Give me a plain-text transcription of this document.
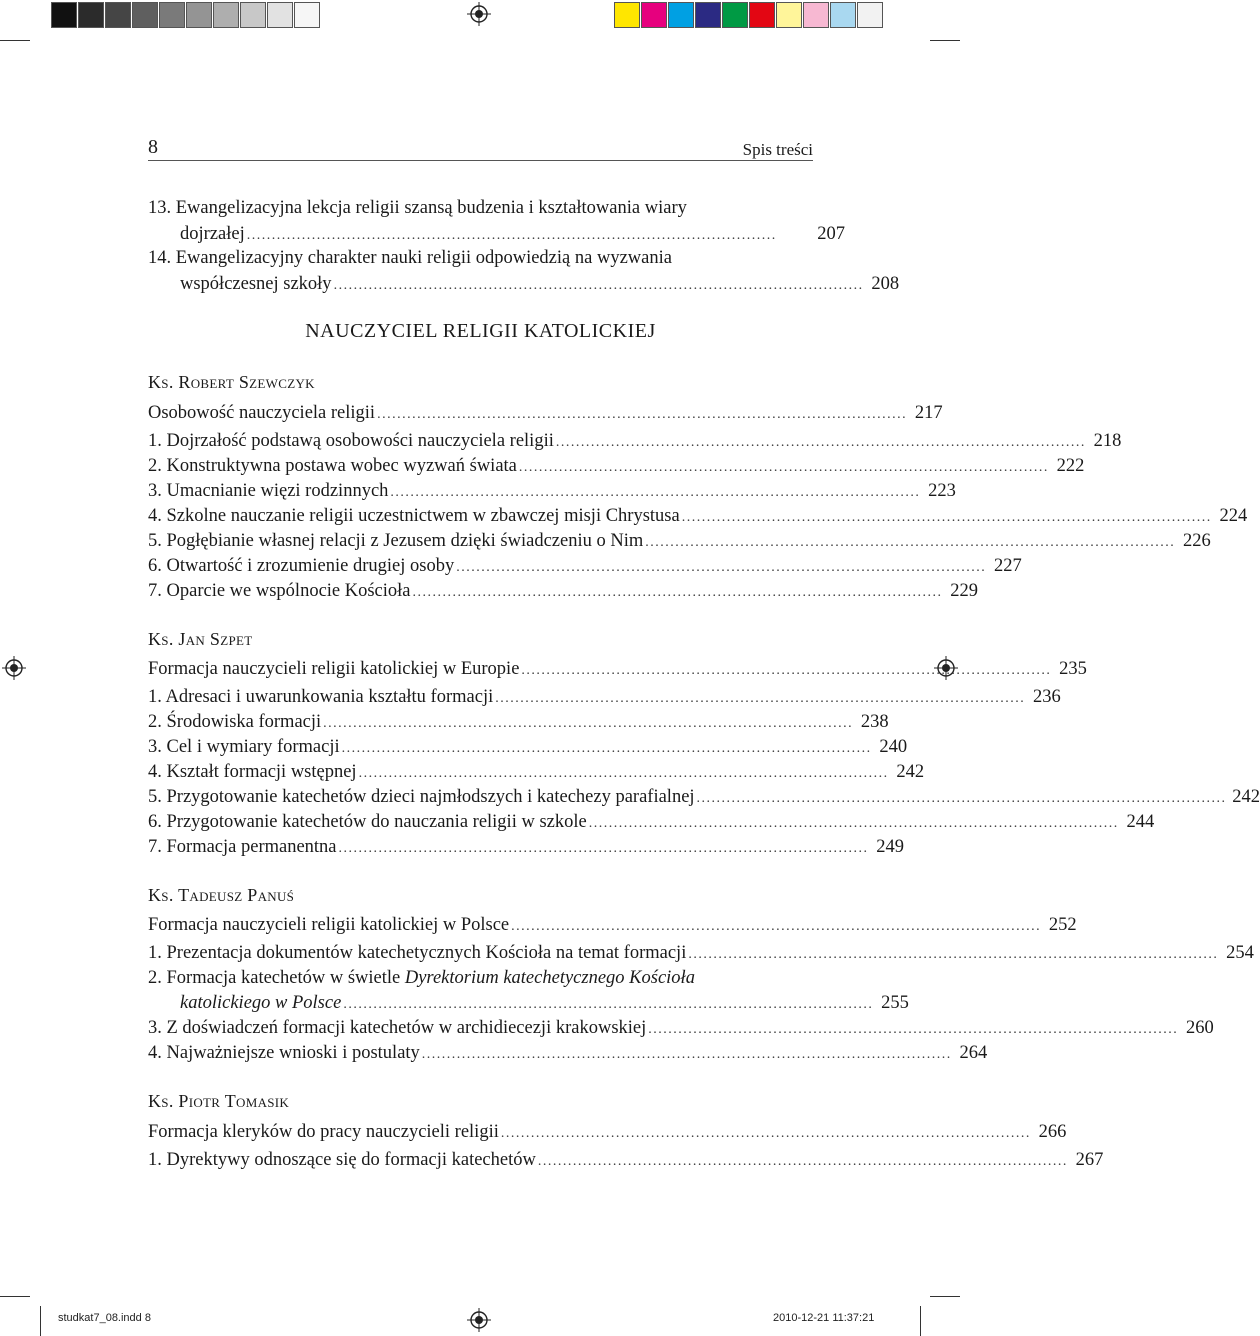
8	Spis treści
13. Ewangelizacyjna lekcja religii szansą budzenia i kształtowania wiary
dojrzałej . . .	207
14. Ewangelizacyjny charakter nauki religii odpowiedzią na wyzwania
współczesnej szkoły . . .	208
NAUCZYCIEL RELIGII KATOLICKIEJ
Ks. Robert Szewczyk
Osobowość nauczyciela religii . . .	217
1. Dojrzałość podstawą osobowości nauczyciela religii . . .	218
2. Konstruktywna postawa wobec wyzwań świata . . .	222
3. Umacnianie więzi rodzinnych . . .	223
4. Szkolne nauczanie religii uczestnictwem w zbawczej misji Chrystusa . . .	224
5. Pogłębianie własnej relacji z Jezusem dzięki świadczeniu o Nim . . .	226
6. Otwartość i zrozumienie drugiej osoby . . .	227
7. Oparcie we wspólnocie Kościoła . . .	229
Ks. Jan Szpet
Formacja nauczycieli religii katolickiej w Europie . . .	235
1. Adresaci i uwarunkowania kształtu formacji . . .	236
2. Środowiska formacji . . .	238
3. Cel i wymiary formacji . . .	240
4. Kształt formacji wstępnej . . .	242
5. Przygotowanie katechetów dzieci najmłodszych i katechezy parafialnej . . .	242
6. Przygotowanie katechetów do nauczania religii w szkole . . .	244
7. Formacja permanentna . . .	249
Ks. Tadeusz Panuś
Formacja nauczycieli religii katolickiej w Polsce . . .	252
1. Prezentacja dokumentów katechetycznych Kościoła na temat formacji . . .	254
2. Formacja katechetów w świetle Dyrektorium katechetycznego Kościoła
katolickiego w Polsce . . .	255
3. Z doświadczeń formacji katechetów w archidiecezji krakowskiej . . .	260
4. Najważniejsze wnioski i postulaty . . .	264
Ks. Piotr Tomasik
Formacja kleryków do pracy nauczycieli religii . . .	266
1. Dyrektywy odnoszące się do formacji katechetów . . .	267
studkat7_08.indd 8	2010-12-21 11:37:21
